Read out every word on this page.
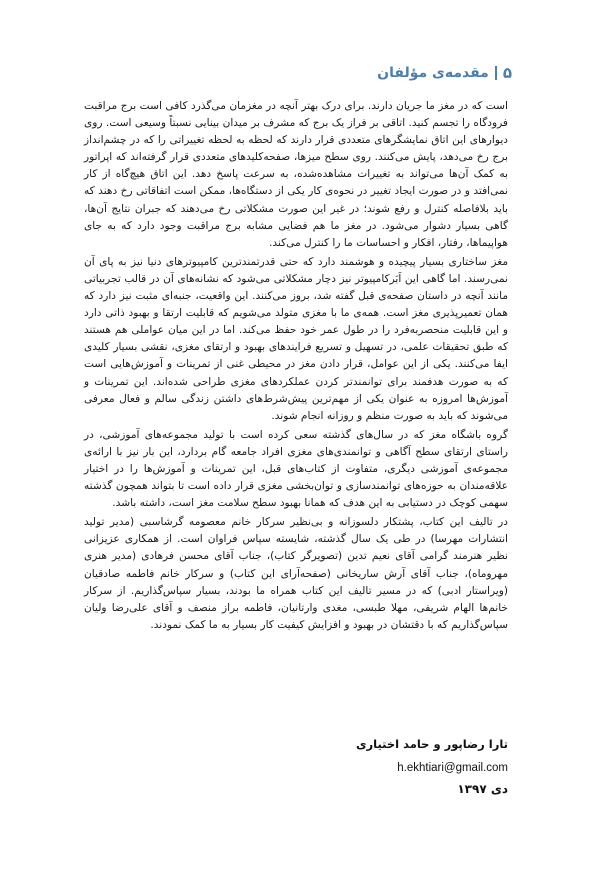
۵
مقدمه‌ی مؤلفان

است که در مغز ما جریان دارند. برای درک بهتر آنچه در مغزمان می‌گذرد کافی است برج مراقبت فرودگاه را تجسم کنید. اتاقی بر فراز یک برج که مشرف بر میدان بینایی نسبتاً وسیعی است. روی دیوارهای این اتاق نمایشگرهای متعددی قرار دارند که لحظه به لحظه تغییراتی را که در چشم‌انداز برج رخ می‌دهد، پایش می‌کنند. روی سطح میزها، صفحه‌کلیدهای متعددی قرار گرفته‌اند که اپراتور به کمک آن‌ها می‌تواند به تغییرات مشاهده‌شده، به سرعت پاسخ دهد. این اتاق هیچ‌گاه از کار نمی‌افتد و در صورت ایجاد تغییر در نحوه‌ی کار یکی از دستگاه‌ها، ممکن است اتفاقاتی رخ دهند که باید بلافاصله کنترل و رفع شوند؛ در غیر این صورت مشکلاتی رخ می‌دهند که جبران نتایج آن‌ها، گاهی بسیار دشوار می‌شود. در مغز ما هم فضایی مشابه برج مراقبت وجود دارد که به جای هواپیماها، رفتار، افکار و احساسات ما را کنترل می‌کند.

مغز ساختاری بسیار پیچیده و هوشمند دارد که حتی قدرتمندترین کامپیوترهای دنیا نیز به پای آن نمی‌رسند. اما گاهی این اَبَرکامپیوتر نیز دچار مشکلاتی می‌شود که نشانه‌های آن در قالب تجربیاتی مانند آنچه در داستان صفحه‌ی قبل گفته شد، بروز می‌کنند. این واقعیت، جنبه‌ای مثبت نیز دارد که همان تعمیرپذیری مغز است. همه‌ی ما با مغزی متولد می‌شویم که قابلیت ارتقا و بهبود ذاتی دارد و این قابلیت منحصربه‌فرد را در طول عمر خود حفظ می‌کند. اما در این میان عواملی هم هستند که طبق تحقیقات علمی، در تسهیل و تسریع فرایندهای بهبود و ارتقای مغزی، نقشی بسیار کلیدی ایفا می‌کنند. یکی از این عوامل، قرار دادن مغز در محیطی غنی از تمرینات و آموزش‌هایی است که به صورت هدفمند برای توانمندتر کردن عملکردهای مغزی طراحی شده‌اند. این تمرینات و آموزش‌ها امروزه به عنوان یکی از مهم‌ترین پیش‌شرط‌های داشتن زندگی سالم و فعال معرفی می‌شوند که باید به صورت منظم و روزانه انجام شوند.

گروه باشگاه مغز که در سال‌های گذشته سعی کرده است با تولید مجموعه‌های آموزشی، در راستای ارتقای سطح آگاهی و توانمندی‌های مغزی افراد جامعه گام بردارد، این بار نیز با ارائه‌ی مجموعه‌ی آموزشی دیگری، متفاوت از کتاب‌های قبل، این تمرینات و آموزش‌ها را در اختیار علاقه‌مندان به حوزه‌های توانمندسازی و توان‌بخشی مغزی قرار داده است تا بتواند همچون گذشته سهمی کوچک در دستیابی به این هدف که همانا بهبود سطح سلامت مغز است، داشته باشد.

در تالیف این کتاب، پشتکار دلسوزانه و بی‌نظیر سرکار خانم معصومه گرشاسبی (مدیر تولید انتشارات مهرسا) در طی یک سال گذشته، شایسته سپاس فراوان است. از همکاری عزیزانی نظیر هنرمند گرامی آقای نعیم تدین (تصویرگر کتاب)، جناب آقای محسن فرهادی (مدیر هنری مهروماه)، جناب آقای آرش ساریخانی (صفحه‌آرای این کتاب) و سرکار خانم فاطمه صادقیان (ویراستار ادبی) که در مسیر تالیف این کتاب همراه ما بودند، بسیار سپاس‌گذاریم. از سرکار خانم‌ها الهام شریفی، مهلا طبسی، مغدی وارتانیان، فاطمه براز منصف و آقای علی‌رضا ولیان سپاس‌گذاریم که با دقتشان در بهبود و افزایش کیفیت کار بسیار به ما کمک نمودند.

تارا رضاپور و حامد اختیاری
h.ekhtiari@gmail.com
دی ۱۳۹۷
